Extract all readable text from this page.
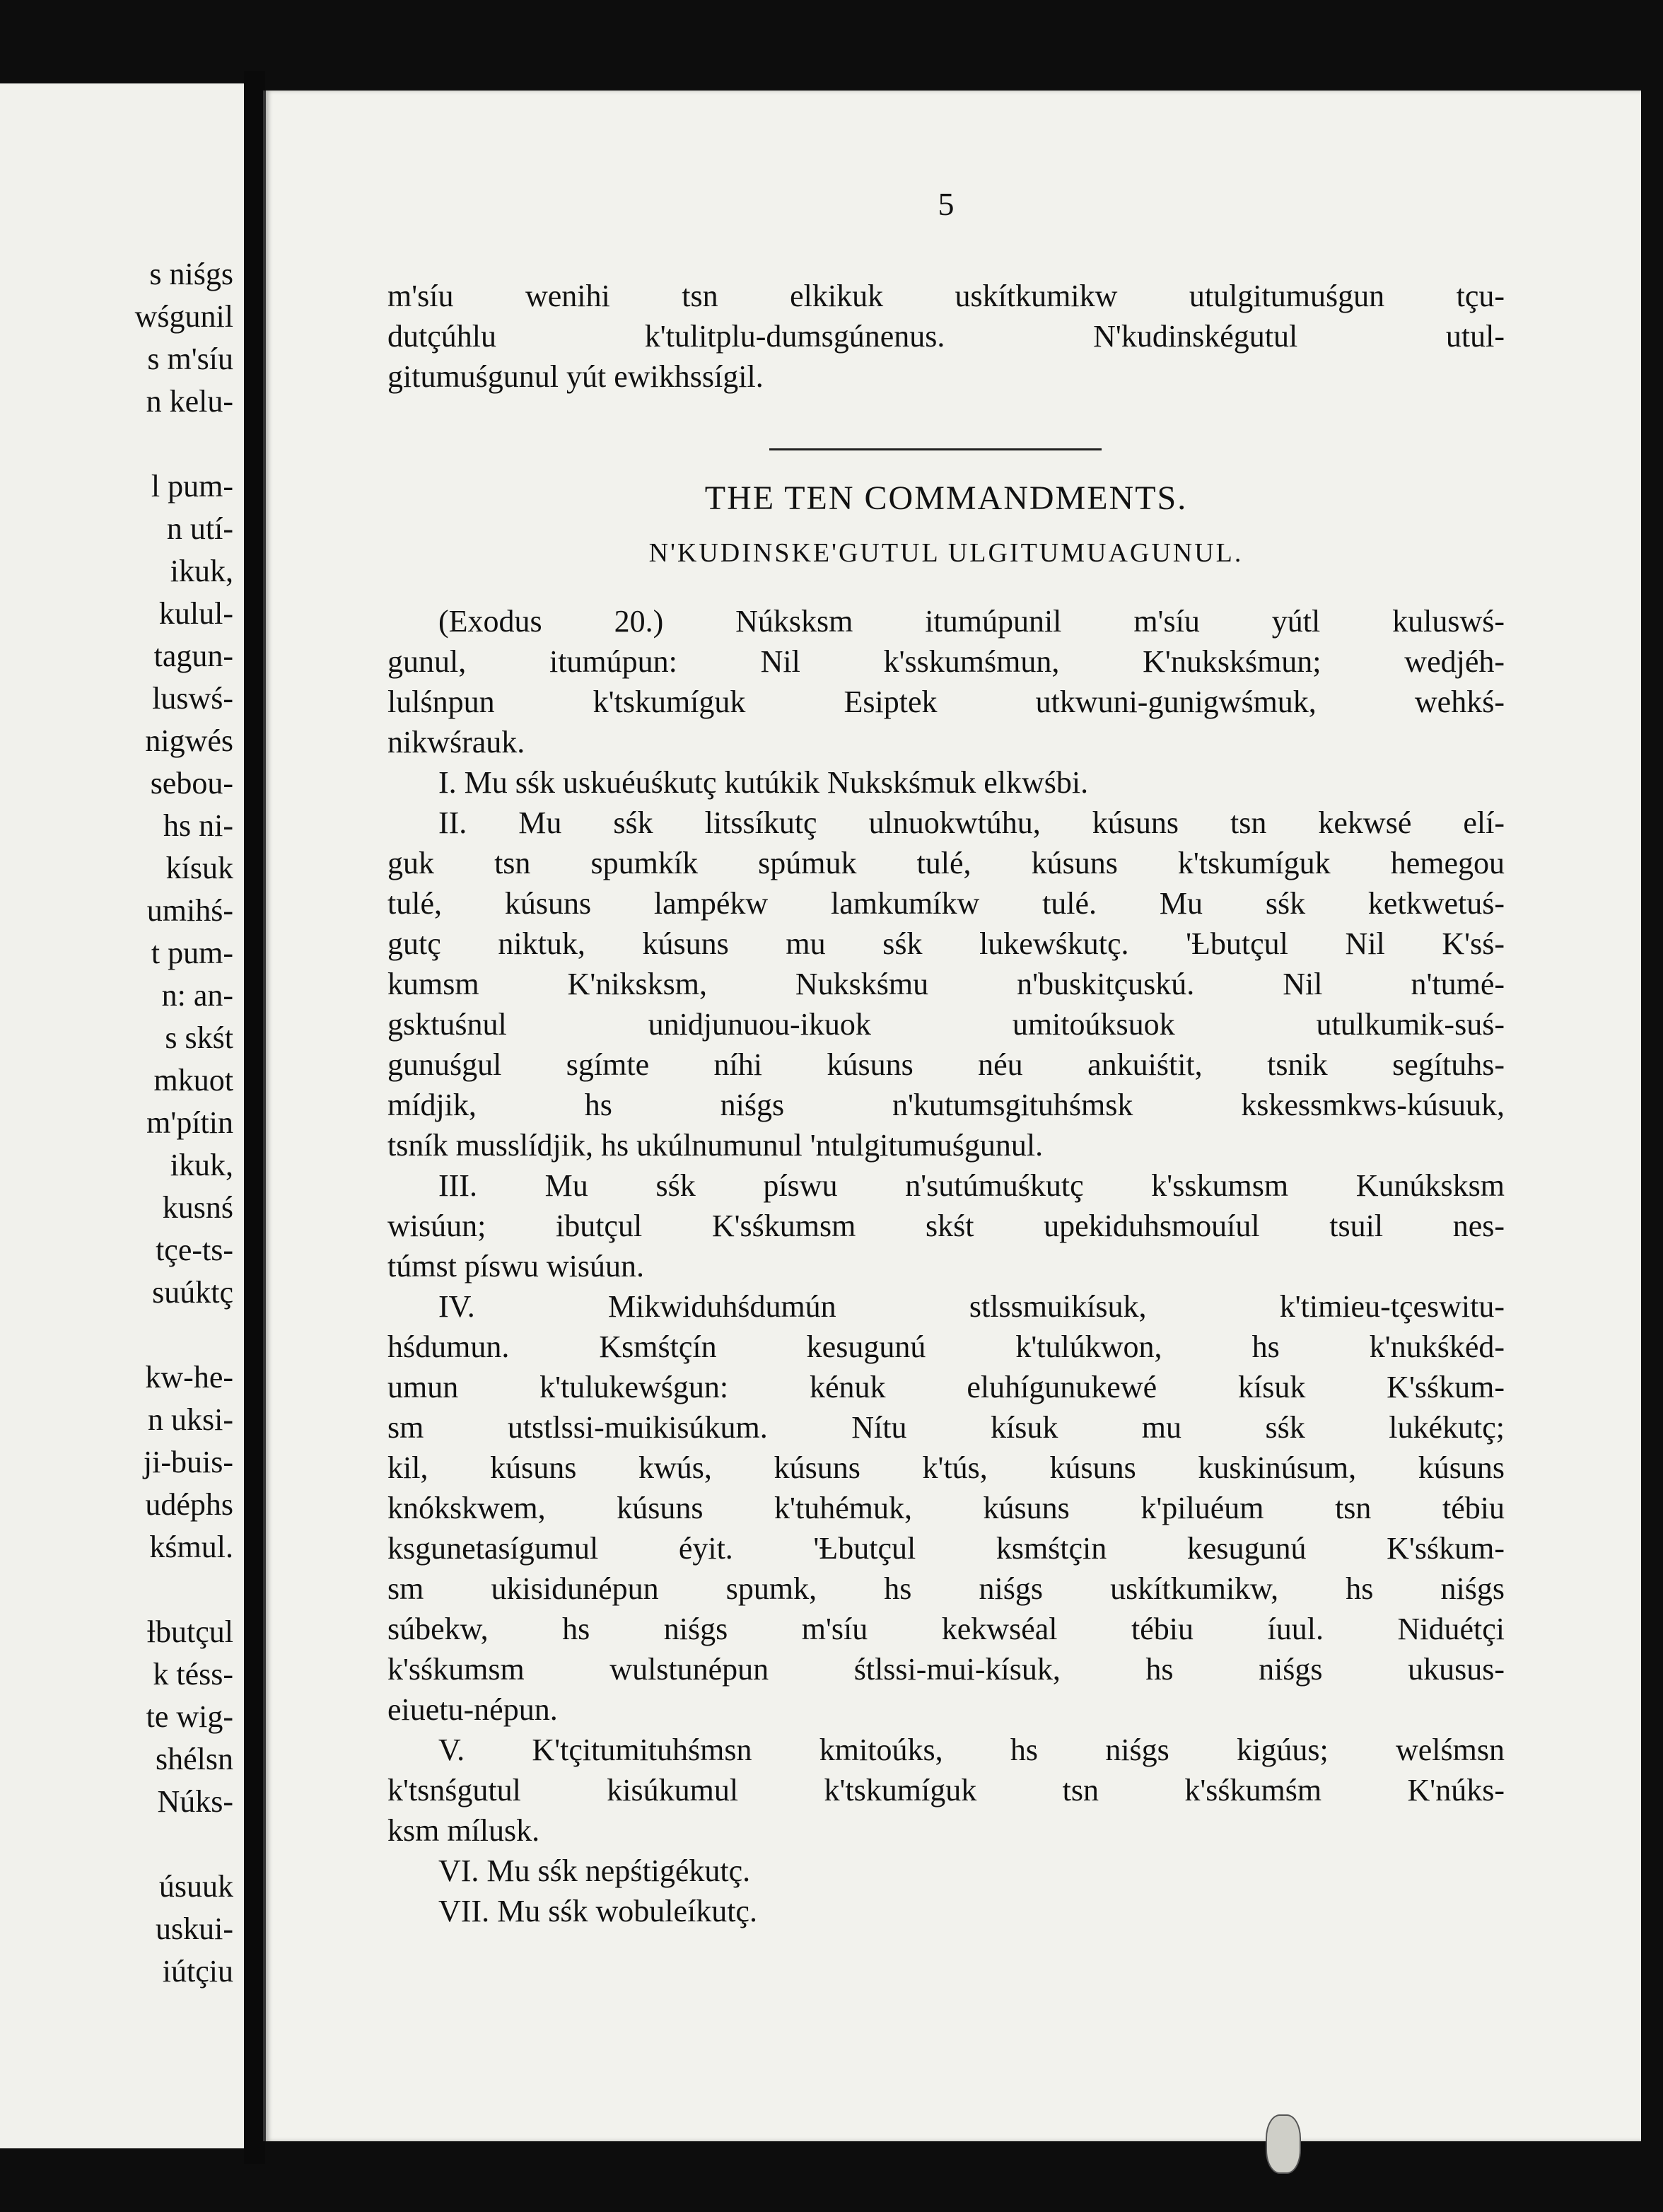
s niśgs
wśgunil
s m'síu
n kelu-

l pum-
n utí-
ikuk,
kulul-
tagun-
luswś-
nigwés
sebou-
hs ni-
kísuk
umihś-
t pum-
n: an-
s skśt
mkuot
m'pítin
ikuk,
kusnś
tçe-ts-
suúktç

kw-he-
n uksi-
ji-buis-
udéphs
kśmul.

ƚbutçul
k téss-
te wig-
shélsn
Núks-

úsuuk
uskui-
iútçiu
5
m'síu wenihi tsn elkikuk uskítkumikw utulgitumuśgun tçu-
dutçúhlu k'tulitplu-dumsgúnenus. N'kudinskégutul utul-
gitumuśgunul yút ewikhssígil.
THE TEN COMMANDMENTS.
N'KUDINSKE'GUTUL ULGITUMUAGUNUL.
(Exodus 20.) Núksksm itumúpunil m'síu yútl kuluswś-
gunul, itumúpun: Nil k'sskumśmun, K'nukskśmun; wedjéh-
lulśnpun k'tskumíguk Esiptek utkwuni-gunigwśmuk, wehkś-
nikwśrauk.
I. Mu sśk uskuéuśkutç kutúkik Nukskśmuk elkwśbi.
II. Mu sśk litssíkutç ulnuokwtúhu, kúsuns tsn kekwsé elí-
guk tsn spumkík spúmuk tulé, kúsuns k'tskumíguk hemegou
tulé, kúsuns lampékw lamkumíkw tulé. Mu sśk ketkwetuś-
gutç niktuk, kúsuns mu sśk lukewśkutç. 'Ƚbutçul Nil K'sś-
kumsm K'niksksm, Nukskśmu n'buskitçuskú. Nil n'tumé-
gsktuśnul unidjunuou-ikuok umitoúksuok utulkumik-suś-
gunuśgul sgímte níhi kúsuns néu ankuiśtit, tsnik segítuhs-
mídjik, hs niśgs n'kutumsgituhśmsk kskessmkws-kúsuuk,
tsník musslídjik, hs ukúlnumunul 'ntulgitumuśgunul.
III. Mu sśk píswu n'sutúmuśkutç k'sskumsm Kunúksksm
wisúun; ibutçul K'sśkumsm skśt upekiduhsmouíul tsuil nes-
túmst píswu wisúun.
IV. Mikwiduhśdumún stlssmuikísuk, k'timieu-tçeswitu-
hśdumun. Ksmśtçín kesugunú k'tulúkwon, hs k'nukśkéd-
umun k'tulukewśgun: kénuk eluhígunukewé kísuk K'sśkum-
sm utstlssi-muikisúkum. Nítu kísuk mu sśk lukékutç;
kil, kúsuns kwús, kúsuns k'tús, kúsuns kuskinúsum, kúsuns
knókskwem, kúsuns k'tuhémuk, kúsuns k'piluéum tsn tébiu
ksgunetasígumul éyit. 'Ƚbutçul ksmśtçin kesugunú K'sśkum-
sm ukisidunépun spumk, hs niśgs uskítkumikw, hs niśgs
súbekw, hs niśgs m'síu kekwséal tébiu íuul. Niduétçi
k'sśkumsm wulstunépun śtlssi-mui-kísuk, hs niśgs ukusus-
eiuetu-népun.
V. K'tçitumituhśmsn kmitoúks, hs niśgs kigúus; welśmsn
k'tsnśgutul kisúkumul k'tskumíguk tsn k'sśkumśm K'núks-
ksm mílusk.
VI. Mu sśk nepśtigékutç.
VII. Mu sśk wobuleíkutç.
